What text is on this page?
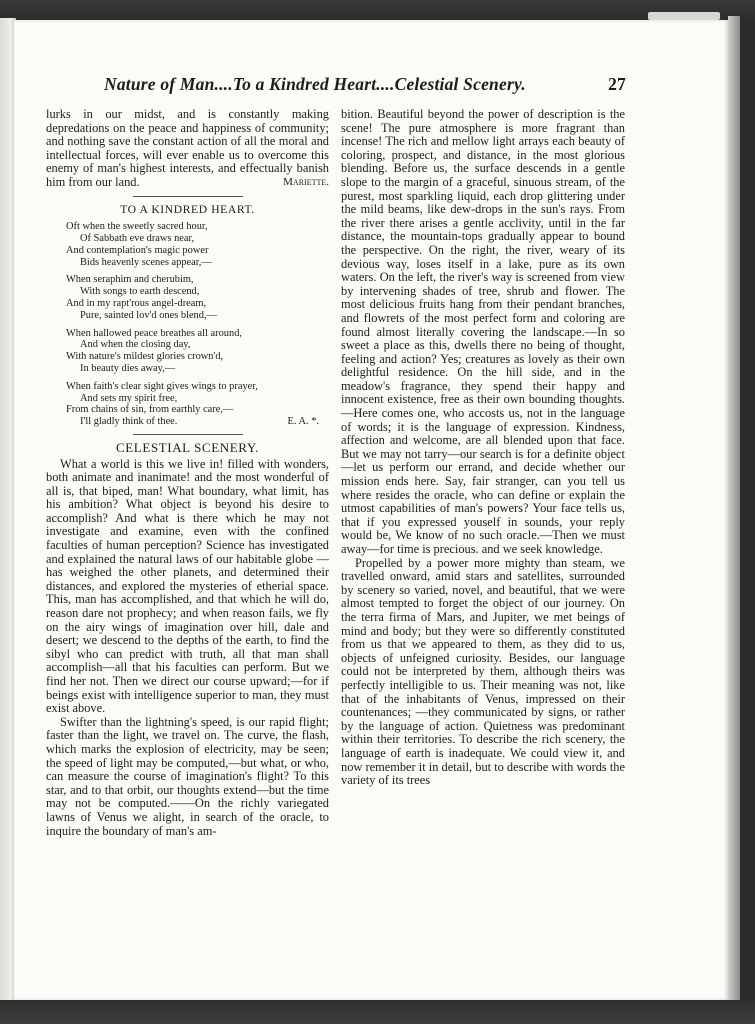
Nature of Man....To a Kindred Heart....Celestial Scenery.	27

lurks in our midst, and is constantly making depredations on the peace and happiness of community; and nothing save the constant action of all the moral and intellectual forces, will ever enable us to overcome this enemy of man's highest interests, and effectually banish him from our land.	Mariette.
TO A KINDRED HEART.
Oft when the sweetly sacred hour,
Of Sabbath eve draws near,
And contemplation's magic power
Bids heavenly scenes appear,—
When seraphim and cherubim,
With songs to earth descend,
And in my rapt'rous angel-dream,
Pure, sainted lov'd ones blend,—
When hallowed peace breathes all around,
And when the closing day,
With nature's mildest glories crown'd,
In beauty dies away,—
When faith's clear sight gives wings to prayer,
And sets my spirit free,
From chains of sin, from earthly care,—
I'll gladly think of thee.	E. A. *.
CELESTIAL SCENERY.

What a world is this we live in! filled with wonders, both animate and inanimate! and the most wonderful of all is, that biped, man! What boundary, what limit, has his ambition? What object is beyond his desire to accomplish? And what is there which he may not investigate and examine, even with the confined faculties of human perception? Science has investigated and explained the natural laws of our habitable globe —has weighed the other planets, and determined their distances, and explored the mysteries of etherial space. This, man has accomplished, and that which he will do, reason dare not prophecy; and when reason fails, we fly on the airy wings of imagination over hill, dale and desert; we descend to the depths of the earth, to find the sibyl who can predict with truth, all that man shall accomplish—all that his faculties can perform. But we find her not. Then we direct our course upward;—for if beings exist with intelligence superior to man, they must exist above.

Swifter than the lightning's speed, is our rapid flight; faster than the light, we travel on. The curve, the flash, which marks the explosion of electricity, may be seen; the speed of light may be computed,—but what, or who, can measure the course of imagination's flight? To this star, and to that orbit, our thoughts extend—but the time may not be computed.——On the richly variegated lawns of Venus we alight, in search of the oracle, to inquire the boundary of man's am-

bition. Beautiful beyond the power of description is the scene! The pure atmosphere is more fragrant than incense! The rich and mellow light arrays each beauty of coloring, prospect, and distance, in the most glorious blending. Before us, the surface descends in a gentle slope to the margin of a graceful, sinuous stream, of the purest, most sparkling liquid, each drop glittering under the mild beams, like dew-drops in the sun's rays. From the river there arises a gentle acclivity, until in the far distance, the mountain-tops gradually appear to bound the perspective. On the right, the river, weary of its devious way, loses itself in a lake, pure as its own waters. On the left, the river's way is screened from view by intervening shades of tree, shrub and flower. The most delicious fruits hang from their pendant branches, and flowrets of the most perfect form and coloring are found almost literally covering the landscape.—In so sweet a place as this, dwells there no being of thought, feeling and action? Yes; creatures as lovely as their own delightful residence. On the hill side, and in the meadow's fragrance, they spend their happy and innocent existence, free as their own bounding thoughts.—Here comes one, who accosts us, not in the language of words; it is the language of expression. Kindness, affection and welcome, are all blended upon that face. But we may not tarry—our search is for a definite object—let us perform our errand, and decide whether our mission ends here. Say, fair stranger, can you tell us where resides the oracle, who can define or explain the utmost capabilities of man's powers? Your face tells us, that if you expressed youself in sounds, your reply would be, We know of no such oracle.—Then we must away—for time is precious. and we seek knowledge.

Propelled by a power more mighty than steam, we travelled onward, amid stars and satellites, surrounded by scenery so varied, novel, and beautiful, that we were almost tempted to forget the object of our journey. On the terra firma of Mars, and Jupiter, we met beings of mind and body; but they were so differently constituted from us that we appeared to them, as they did to us, objects of unfeigned curiosity. Besides, our language could not be interpreted by them, although theirs was perfectly intelligible to us. Their meaning was not, like that of the inhabitants of Venus, impressed on their countenances; —they communicated by signs, or rather by the language of action. Quietness was predominant within their territories. To describe the rich scenery, the language of earth is inadequate. We could view it, and now remember it in detail, but to describe with words the variety of its trees
